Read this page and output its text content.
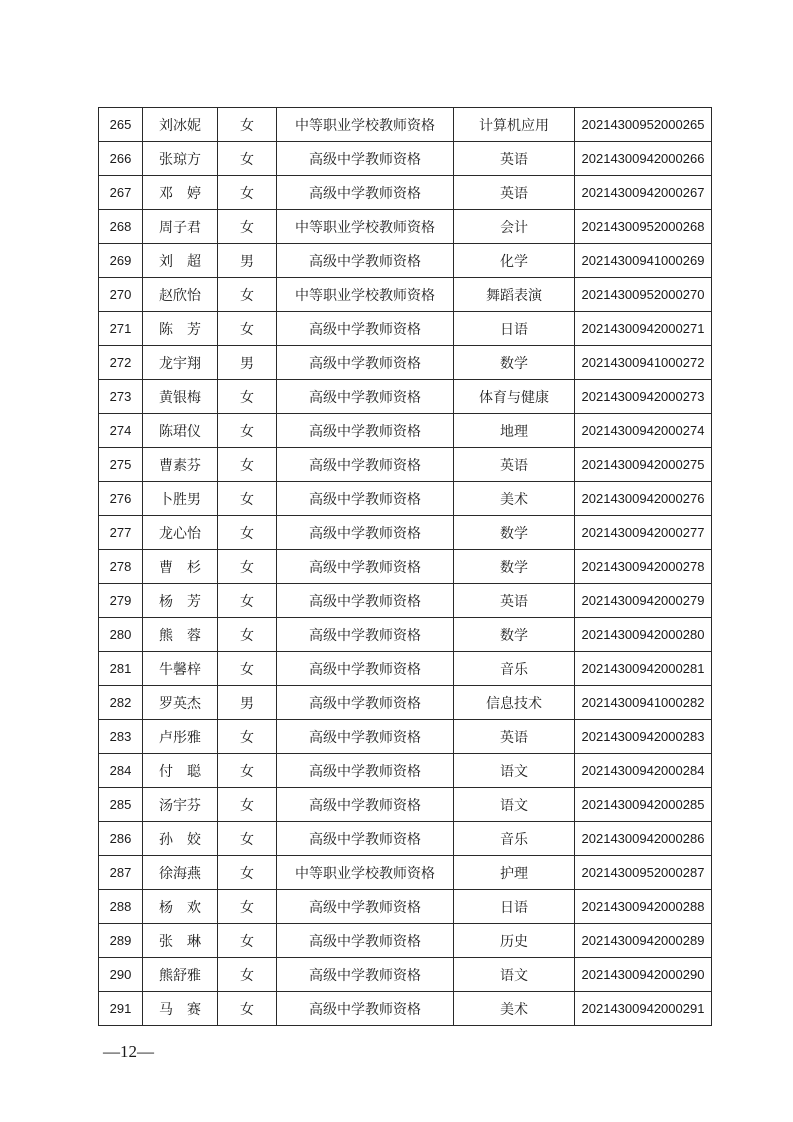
265	刘冰妮	女	中等职业学校教师资格	计算机应用	20214300952000265
266	张琼方	女	高级中学教师资格	英语	20214300942000266
267	邓　婷	女	高级中学教师资格	英语	20214300942000267
268	周子君	女	中等职业学校教师资格	会计	20214300952000268
269	刘　超	男	高级中学教师资格	化学	20214300941000269
270	赵欣怡	女	中等职业学校教师资格	舞蹈表演	20214300952000270
271	陈　芳	女	高级中学教师资格	日语	20214300942000271
272	龙宇翔	男	高级中学教师资格	数学	20214300941000272
273	黄银梅	女	高级中学教师资格	体育与健康	20214300942000273
274	陈珺仪	女	高级中学教师资格	地理	20214300942000274
275	曹素芬	女	高级中学教师资格	英语	20214300942000275
276	卜胜男	女	高级中学教师资格	美术	20214300942000276
277	龙心怡	女	高级中学教师资格	数学	20214300942000277
278	曹　杉	女	高级中学教师资格	数学	20214300942000278
279	杨　芳	女	高级中学教师资格	英语	20214300942000279
280	熊　蓉	女	高级中学教师资格	数学	20214300942000280
281	牛馨梓	女	高级中学教师资格	音乐	20214300942000281
282	罗英杰	男	高级中学教师资格	信息技术	20214300941000282
283	卢彤雅	女	高级中学教师资格	英语	20214300942000283
284	付　聪	女	高级中学教师资格	语文	20214300942000284
285	汤宇芬	女	高级中学教师资格	语文	20214300942000285
286	孙　姣	女	高级中学教师资格	音乐	20214300942000286
287	徐海燕	女	中等职业学校教师资格	护理	20214300952000287
288	杨　欢	女	高级中学教师资格	日语	20214300942000288
289	张　琳	女	高级中学教师资格	历史	20214300942000289
290	熊舒雅	女	高级中学教师资格	语文	20214300942000290
291	马　赛	女	高级中学教师资格	美术	20214300942000291
—12—
